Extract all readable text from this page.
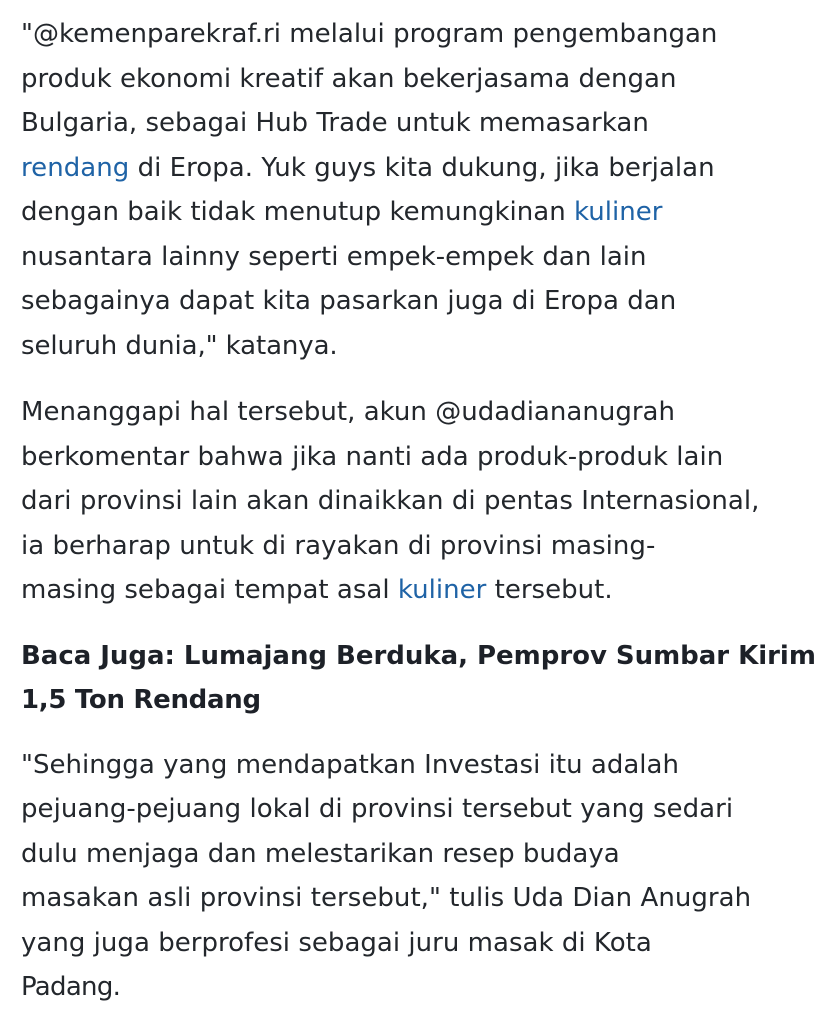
"@kemenparekraf.ri melalui program pengembangan
produk ekonomi kreatif akan bekerjasama dengan
Bulgaria, sebagai Hub Trade untuk memasarkan
rendang di Eropa. Yuk guys kita dukung, jika berjalan
dengan baik tidak menutup kemungkinan kuliner
nusantara lainny seperti empek-empek dan lain
sebagainya dapat kita pasarkan juga di Eropa dan
seluruh dunia," katanya.

Menanggapi hal tersebut, akun @udadiananugrah
berkomentar bahwa jika nanti ada produk-produk lain
dari provinsi lain akan dinaikkan di pentas Internasional,
ia berharap untuk di rayakan di provinsi masing-
masing sebagai tempat asal kuliner tersebut.

Baca Juga: Lumajang Berduka, Pemprov Sumbar Kirim
1,5 Ton Rendang

"Sehingga yang mendapatkan Investasi itu adalah
pejuang-pejuang lokal di provinsi tersebut yang sedari
dulu menjaga dan melestarikan resep budaya
masakan asli provinsi tersebut," tulis Uda Dian Anugrah
yang juga berprofesi sebagai juru masak di Kota
Padang.
